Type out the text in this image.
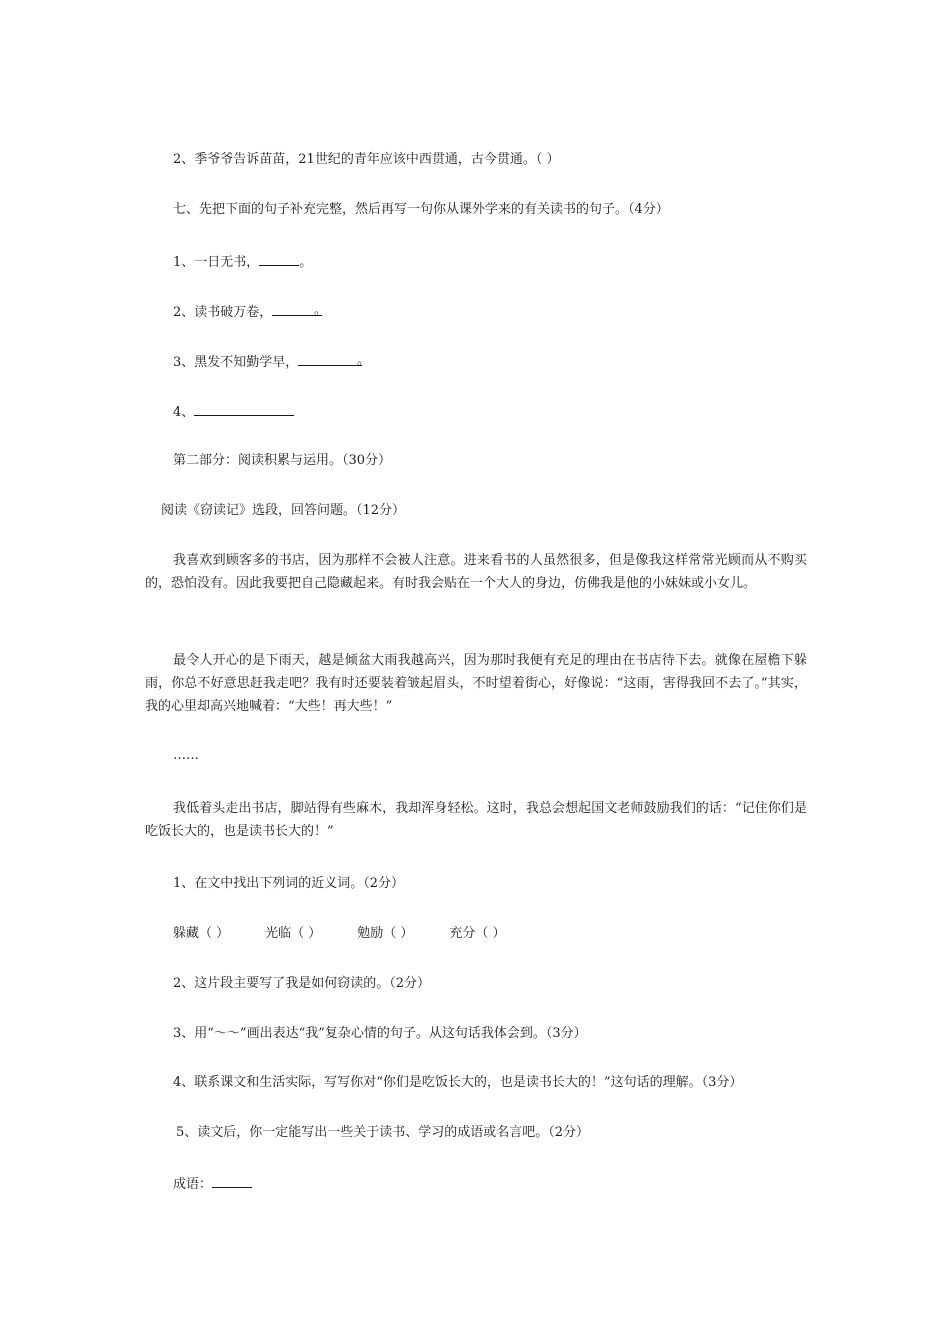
2、季爷爷告诉苗苗，21世纪的青年应该中西贯通，古今贯通。（ ）
七、先把下面的句子补充完整，然后再写一句你从课外学来的有关读书的句子。（4分）
1、一日无书，	。
2、读书破万卷，	。
3、黑发不知勤学早，	。
4、
第二部分：阅读积累与运用。（30分）
阅读《窃读记》选段，回答问题。（12分）
我喜欢到顾客多的书店，因为那样不会被人注意。进来看书的人虽然很多，但是像我这样常常光顾而从不购买的，恐怕没有。因此我要把自己隐藏起来。有时我会贴在一个大人的身边，仿佛我是他的小妹妹或小女儿。
最令人开心的是下雨天，越是倾盆大雨我越高兴，因为那时我便有充足的理由在书店待下去。就像在屋檐下躲雨，你总不好意思赶我走吧？我有时还要装着皱起眉头，不时望着街心，好像说：“这雨，害得我回不去了。”其实，我的心里却高兴地喊着：“大些！再大些！”
……
我低着头走出书店，脚站得有些麻木，我却浑身轻松。这时，我总会想起国文老师鼓励我们的话：“记住你们是吃饭长大的，也是读书长大的！”
1、在文中找出下列词的近义词。（2分）
躲藏（ ）	光临（ ）	勉励（ ）	充分（ ）
2、这片段主要写了我是如何窃读的。（2分）
3、用“～～”画出表达“我”复杂心情的句子。从这句话我体会到。（3分）
4、联系课文和生活实际，写写你对“你们是吃饭长大的，也是读书长大的！”这句话的理解。（3分）
5、读文后，你一定能写出一些关于读书、学习的成语或名言吧。（2分）
成语：
